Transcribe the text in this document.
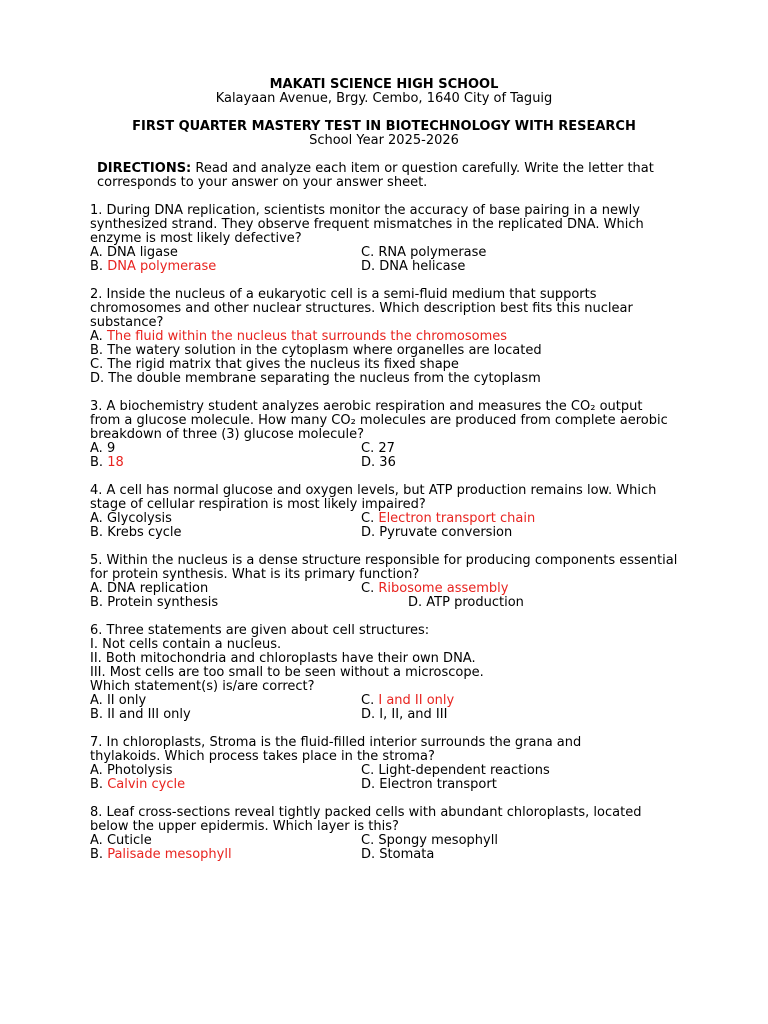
MAKATI SCIENCE HIGH SCHOOL
Kalayaan Avenue, Brgy. Cembo, 1640 City of Taguig
FIRST QUARTER MASTERY TEST IN BIOTECHNOLOGY WITH RESEARCH
School Year 2025-2026
DIRECTIONS: Read and analyze each item or question carefully. Write the letter that corresponds to your answer on your answer sheet.
1. During DNA replication, scientists monitor the accuracy of base pairing in a newly synthesized strand. They observe frequent mismatches in the replicated DNA. Which enzyme is most likely defective?
A. DNA ligase	C. RNA polymerase
B. DNA polymerase	D. DNA helicase
2. Inside the nucleus of a eukaryotic cell is a semi-fluid medium that supports chromosomes and other nuclear structures. Which description best fits this nuclear substance?
A. The fluid within the nucleus that surrounds the chromosomes
B. The watery solution in the cytoplasm where organelles are located
C. The rigid matrix that gives the nucleus its fixed shape
D. The double membrane separating the nucleus from the cytoplasm
3. A biochemistry student analyzes aerobic respiration and measures the CO₂ output from a glucose molecule. How many CO₂ molecules are produced from complete aerobic breakdown of three (3) glucose molecule?
A. 9	C. 27
B. 18	D. 36
4. A cell has normal glucose and oxygen levels, but ATP production remains low. Which stage of cellular respiration is most likely impaired?
A. Glycolysis	C. Electron transport chain
B. Krebs cycle	D. Pyruvate conversion
5. Within the nucleus is a dense structure responsible for producing components essential for protein synthesis. What is its primary function?
A. DNA replication	C. Ribosome assembly
B. Protein synthesis	D. ATP production
6. Three statements are given about cell structures:
I. Not cells contain a nucleus.
II. Both mitochondria and chloroplasts have their own DNA.
III. Most cells are too small to be seen without a microscope.
Which statement(s) is/are correct?
A. II only	C. I and II only
B. II and III only	D. I, II, and III
7. In chloroplasts, Stroma is the fluid-filled interior surrounds the grana and thylakoids. Which process takes place in the stroma?
A. Photolysis	C. Light-dependent reactions
B. Calvin cycle	D. Electron transport
8. Leaf cross-sections reveal tightly packed cells with abundant chloroplasts, located below the upper epidermis. Which layer is this?
A. Cuticle	C. Spongy mesophyll
B. Palisade mesophyll	D. Stomata
